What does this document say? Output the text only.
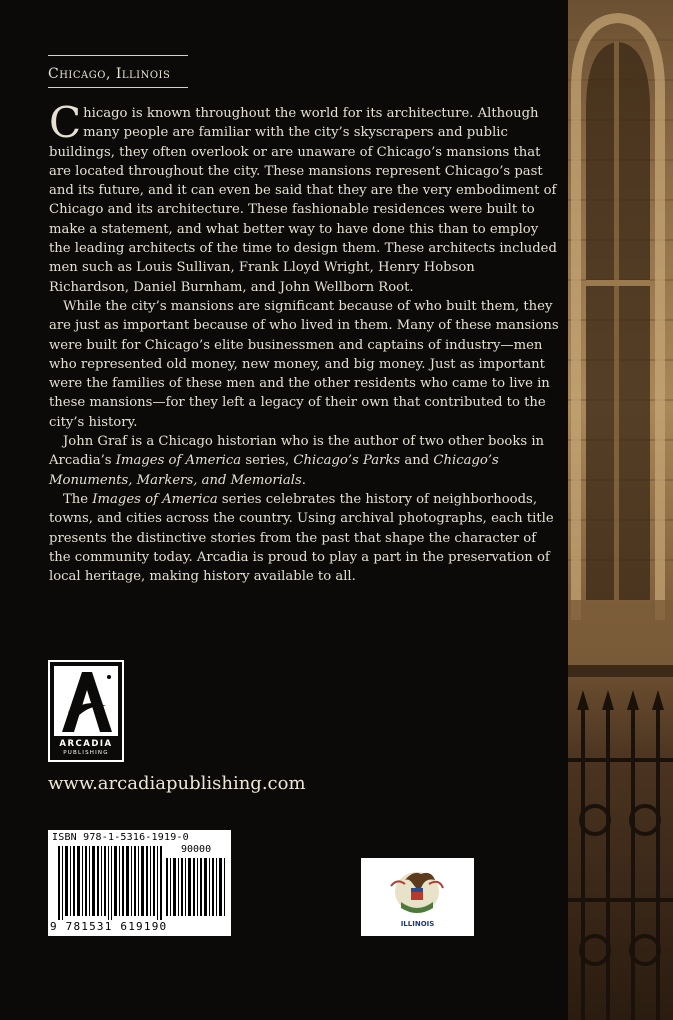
Chicago, Illinois

Chicago is known throughout the world for its architecture. Although many people are familiar with the city’s skyscrapers and public buildings, they often overlook or are unaware of Chicago’s mansions that are located throughout the city. These mansions represent Chicago’s past and its future, and it can even be said that they are the very embodiment of Chicago and its architecture. These fashionable residences were built to make a statement, and what better way to have done this than to employ the leading architects of the time to design them. These architects included men such as Louis Sullivan, Frank Lloyd Wright, Henry Hobson Richardson, Daniel Burnham, and John Wellborn Root.

While the city’s mansions are significant because of who built them, they are just as important because of who lived in them. Many of these mansions were built for Chicago’s elite businessmen and captains of industry—men who represented old money, new money, and big money. Just as important were the families of these men and the other residents who came to live in these mansions—for they left a legacy of their own that contributed to the city’s history.

John Graf is a Chicago historian who is the author of two other books in Arcadia’s Images of America series, Chicago’s Parks and Chicago’s Monuments, Markers, and Memorials.

The Images of America series celebrates the history of neighborhoods, towns, and cities across the country. Using archival photographs, each title presents the distinctive stories from the past that shape the character of the community today. Arcadia is proud to play a part in the preservation of local heritage, making history available to all.

ARCADIA
PUBLISHING
www.arcadiapublishing.com
ISBN 978-1-5316-1919-0
90000
9 781531 619190	ILLINOIS
